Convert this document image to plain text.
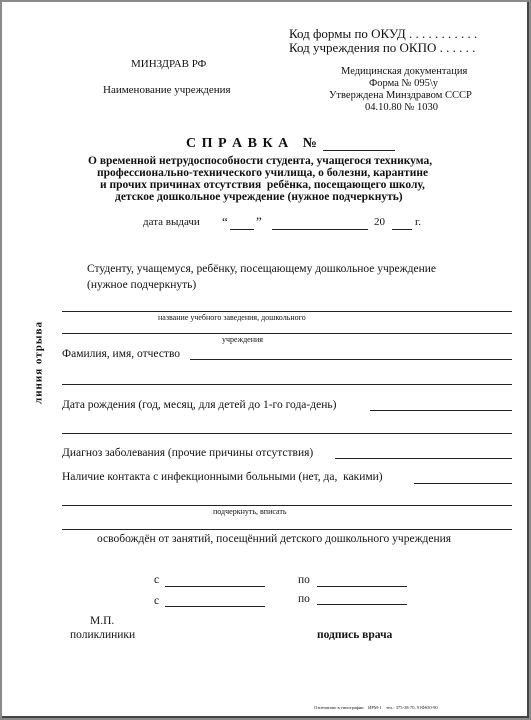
Код формы по ОКУД . . . . . . . . . . .
Код учреждения по ОКПО . . . . . .
МИНЗДРАВ РФ
Наименование учреждения
Медицинская документация
Форма № 095\у
Утверждена Минздравом СССР
04.10.80 № 1030
С П Р А В К А   №
О временной нетрудоспособности студента, учащегося техникума,
профессионально-технического училища, о болезни, карантине
и прочих причинах отсутствия  ребёнка, посещающего школу,
детское дошкольное учреждение (нужное подчеркнуть)
дата выдачи “ ”	20	г.
линия отрыва
Студенту, учащемуся, ребёнку, посещающему дошкольное учреждение
(нужное подчеркнуть)
название учебного заведения, дошкольного
учреждения
Фамилия, имя, отчество
Дата рождения (год, месяц, для детей до 1-го года-день)
Диагноз заболевания (прочие причины отсутствия)
Наличие контакта с инфекционными больными (нет, да,  какими)
подчеркнуть, вписать
освобождён от занятий, посещённий детского дошкольного учреждения
с	по
с	по
М.П.
поликлиники	подпись врача
Отпечатано в типографии    ИРМ-1    тел.: 375-38-70, 91Ф650-90
